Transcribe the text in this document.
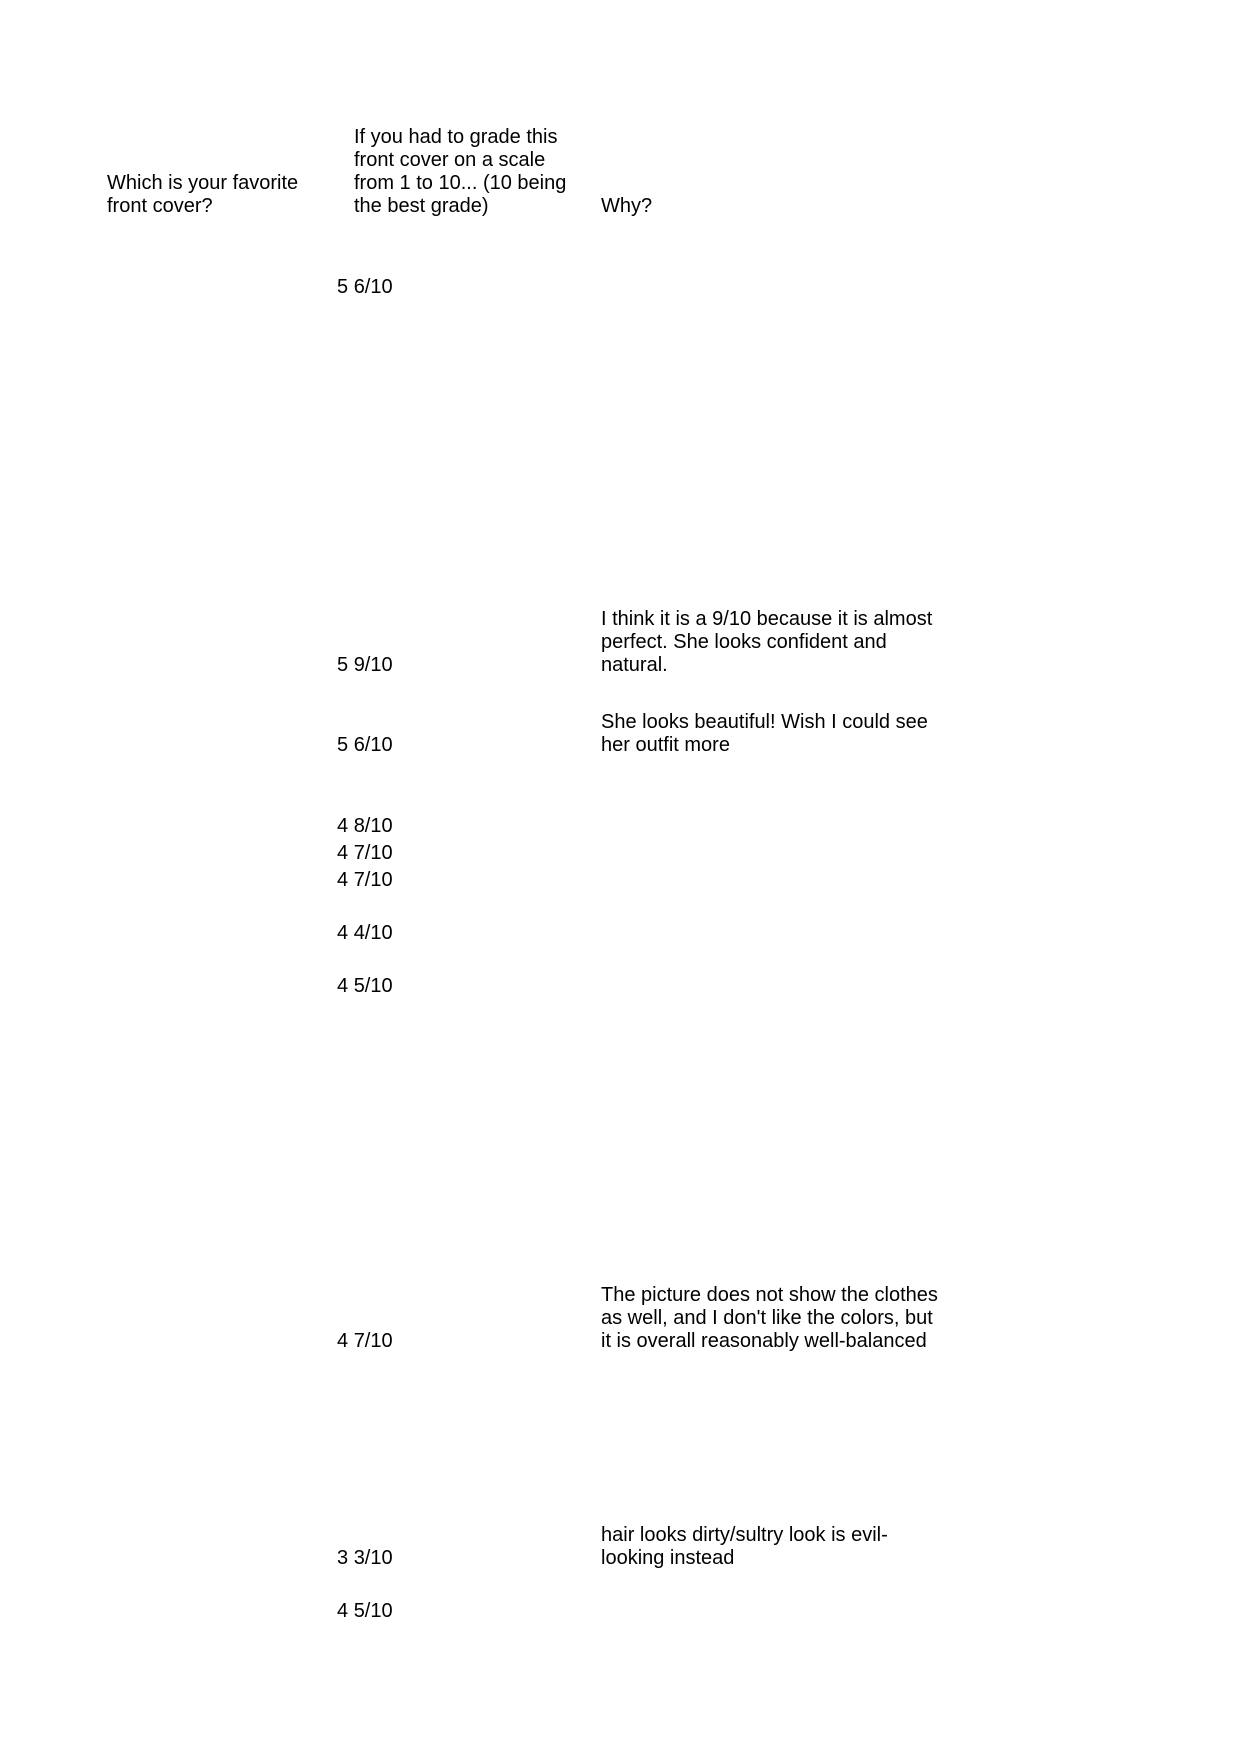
Which is your favorite
front cover?
If you had to grade this
front cover on a scale
from 1 to 10... (10 being
the best grade)	Why?
5 6/10
5 9/10
I think it is a 9/10 because it is almost
perfect. She looks confident and
natural.
5 6/10
She looks beautiful! Wish I could see
her outfit more
4 8/10
4 7/10
4 7/10
4 4/10
4 5/10
4 7/10
The picture does not show the clothes
as well, and I don't like the colors, but
it is overall reasonably well-balanced
3 3/10
hair looks dirty/sultry look is evil-
looking instead
4 5/10
